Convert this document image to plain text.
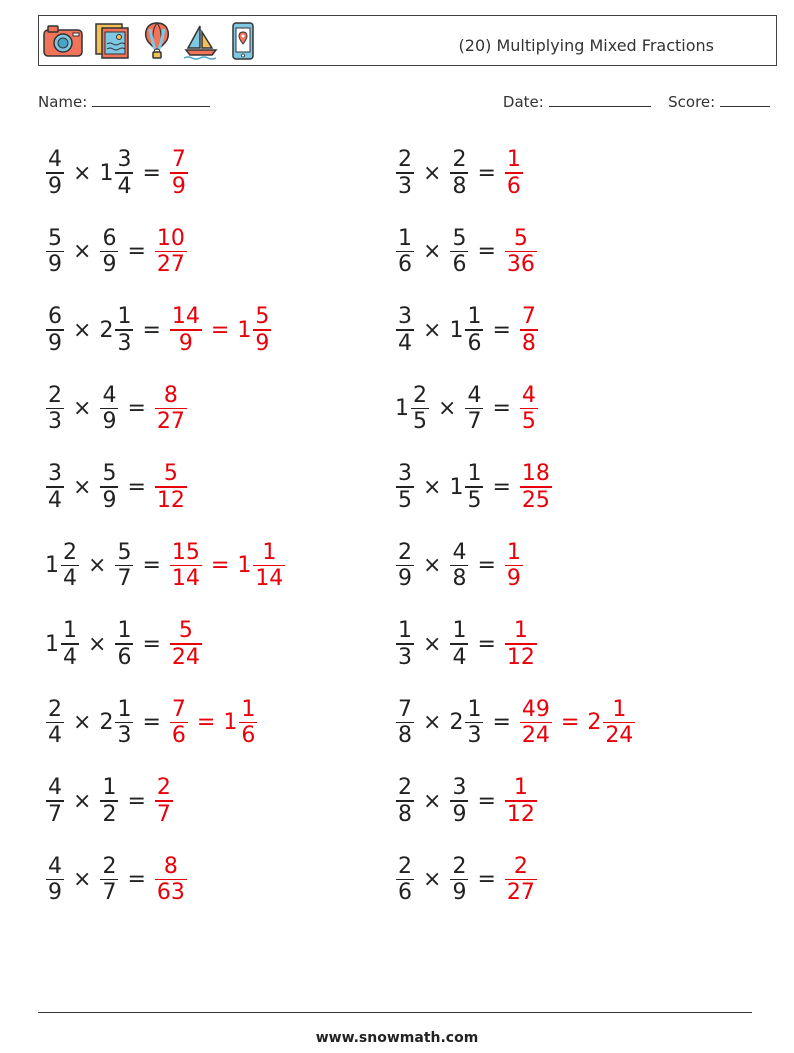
(20) Multiplying Mixed Fractions
Name:	Date:	Score:
$\frac{4}{9} \times 1 \frac{3}{4} = \frac{7}{9}$	$\frac{2}{3} \times \frac{2}{8} = \frac{1}{6}$
$\frac{5}{9} \times \frac{6}{9} = \frac{10}{27}$	$\frac{1}{6} \times \frac{5}{6} = \frac{5}{36}$
$\frac{6}{9} \times 2 \frac{1}{3} = \frac{14}{9} = 1 \frac{5}{9}$	$\frac{3}{4} \times 1 \frac{1}{6} = \frac{7}{8}$
$\frac{2}{3} \times \frac{4}{9} = \frac{8}{27}$	$1 \frac{2}{5} \times \frac{4}{7} = \frac{4}{5}$
$\frac{3}{4} \times \frac{5}{9} = \frac{5}{12}$	$\frac{3}{5} \times 1 \frac{1}{5} = \frac{18}{25}$
$1 \frac{2}{4} \times \frac{5}{7} = \frac{15}{14} = 1 \frac{1}{14}$	$\frac{2}{9} \times \frac{4}{8} = \frac{1}{9}$
$1 \frac{1}{4} \times \frac{1}{6} = \frac{5}{24}$	$\frac{1}{3} \times \frac{1}{4} = \frac{1}{12}$
$\frac{2}{4} \times 2 \frac{1}{3} = \frac{7}{6} = 1 \frac{1}{6}$	$\frac{7}{8} \times 2 \frac{1}{3} = \frac{49}{24} = 2 \frac{1}{24}$
$\frac{4}{7} \times \frac{1}{2} = \frac{2}{7}$	$\frac{2}{8} \times \frac{3}{9} = \frac{1}{12}$
$\frac{4}{9} \times \frac{2}{7} = \frac{8}{63}$	$\frac{2}{6} \times \frac{2}{9} = \frac{2}{27}$
www.snowmath.com
